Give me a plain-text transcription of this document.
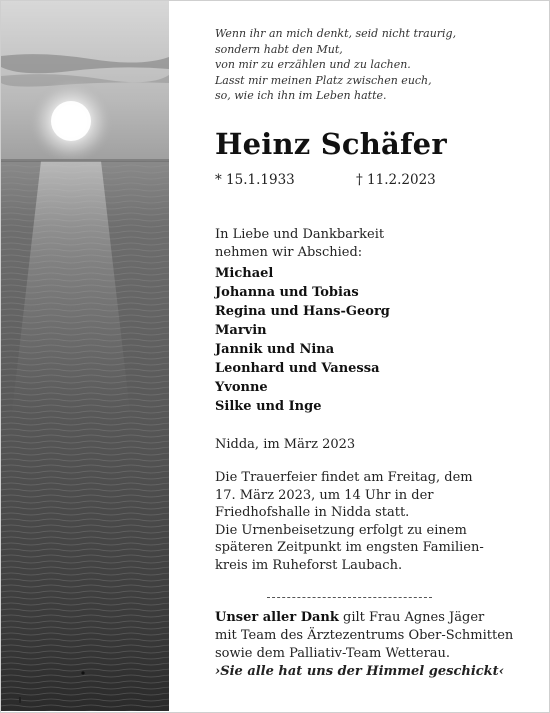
Wenn ihr an mich denkt, seid nicht traurig,
sondern habt den Mut,
von mir zu erzählen und zu lachen.
Lasst mir meinen Platz zwischen euch,
so, wie ich ihn im Leben hatte.
Heinz Schäfer
* 15.1.1933	† 11.2.2023
In Liebe und Dankbarkeit
nehmen wir Abschied:
Michael
Johanna und Tobias
Regina und Hans-Georg
Marvin
Jannik und Nina
Leonhard und Vanessa
Yvonne
Silke und Inge
Nidda, im März 2023
Die Trauerfeier findet am Freitag, dem
17. März 2023, um 14 Uhr in der
Friedhofshalle in Nidda statt.
Die Urnenbeisetzung erfolgt zu einem
späteren Zeitpunkt im engsten Familien-
kreis im Ruheforst Laubach.
Unser aller Dank gilt Frau Agnes Jäger
mit Team des Ärztezentrums Ober-Schmitten
sowie dem Palliativ-Team Wetterau.
›Sie alle hat uns der Himmel geschickt‹
